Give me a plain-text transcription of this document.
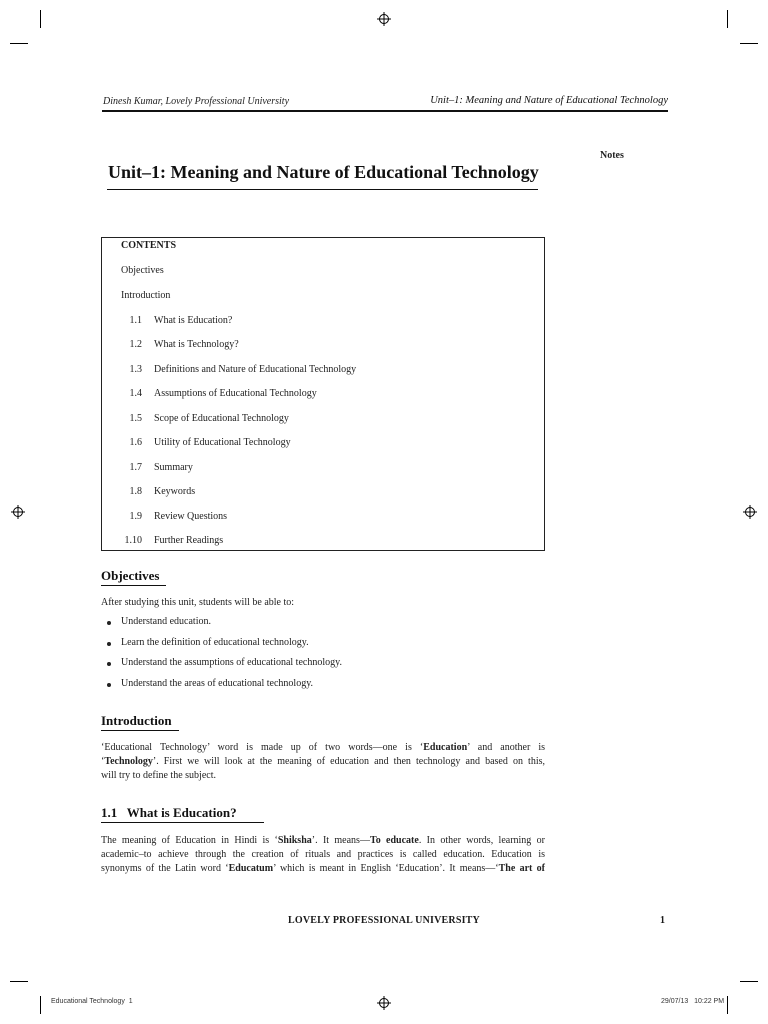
Dinesh Kumar, Lovely Professional University	Unit–1: Meaning and Nature of Educational Technology
Notes
Unit–1: Meaning and Nature of Educational Technology
CONTENTS
Objectives
Introduction
1.1 What is Education?
1.2 What is Technology?
1.3 Definitions and Nature of Educational Technology
1.4 Assumptions of Educational Technology
1.5 Scope of Educational Technology
1.6 Utility of Educational Technology
1.7 Summary
1.8 Keywords
1.9 Review Questions
1.10 Further Readings
Objectives
After studying this unit, students will be able to:
Understand education.
Learn the definition of educational technology.
Understand the assumptions of educational technology.
Understand the areas of educational technology.
Introduction
‘Educational Technology’ word is made up of two words—one is ‘Education’ and another is
‘Technology’. First we will look at the meaning of education and then technology and based on this,
will try to define the subject.
1.1   What is Education?
The meaning of Education in Hindi is ‘Shiksha’. It means—To educate. In other words, learning or
academic–to achieve through the creation of rituals and practices is called education. Education is
synonyms of the Latin word ‘Educatum’ which is meant in English ‘Education’. It means—‘The art of
LOVELY PROFESSIONAL UNIVERSITY	1
Educational Technology  1	29/07/13   10:22 PM
